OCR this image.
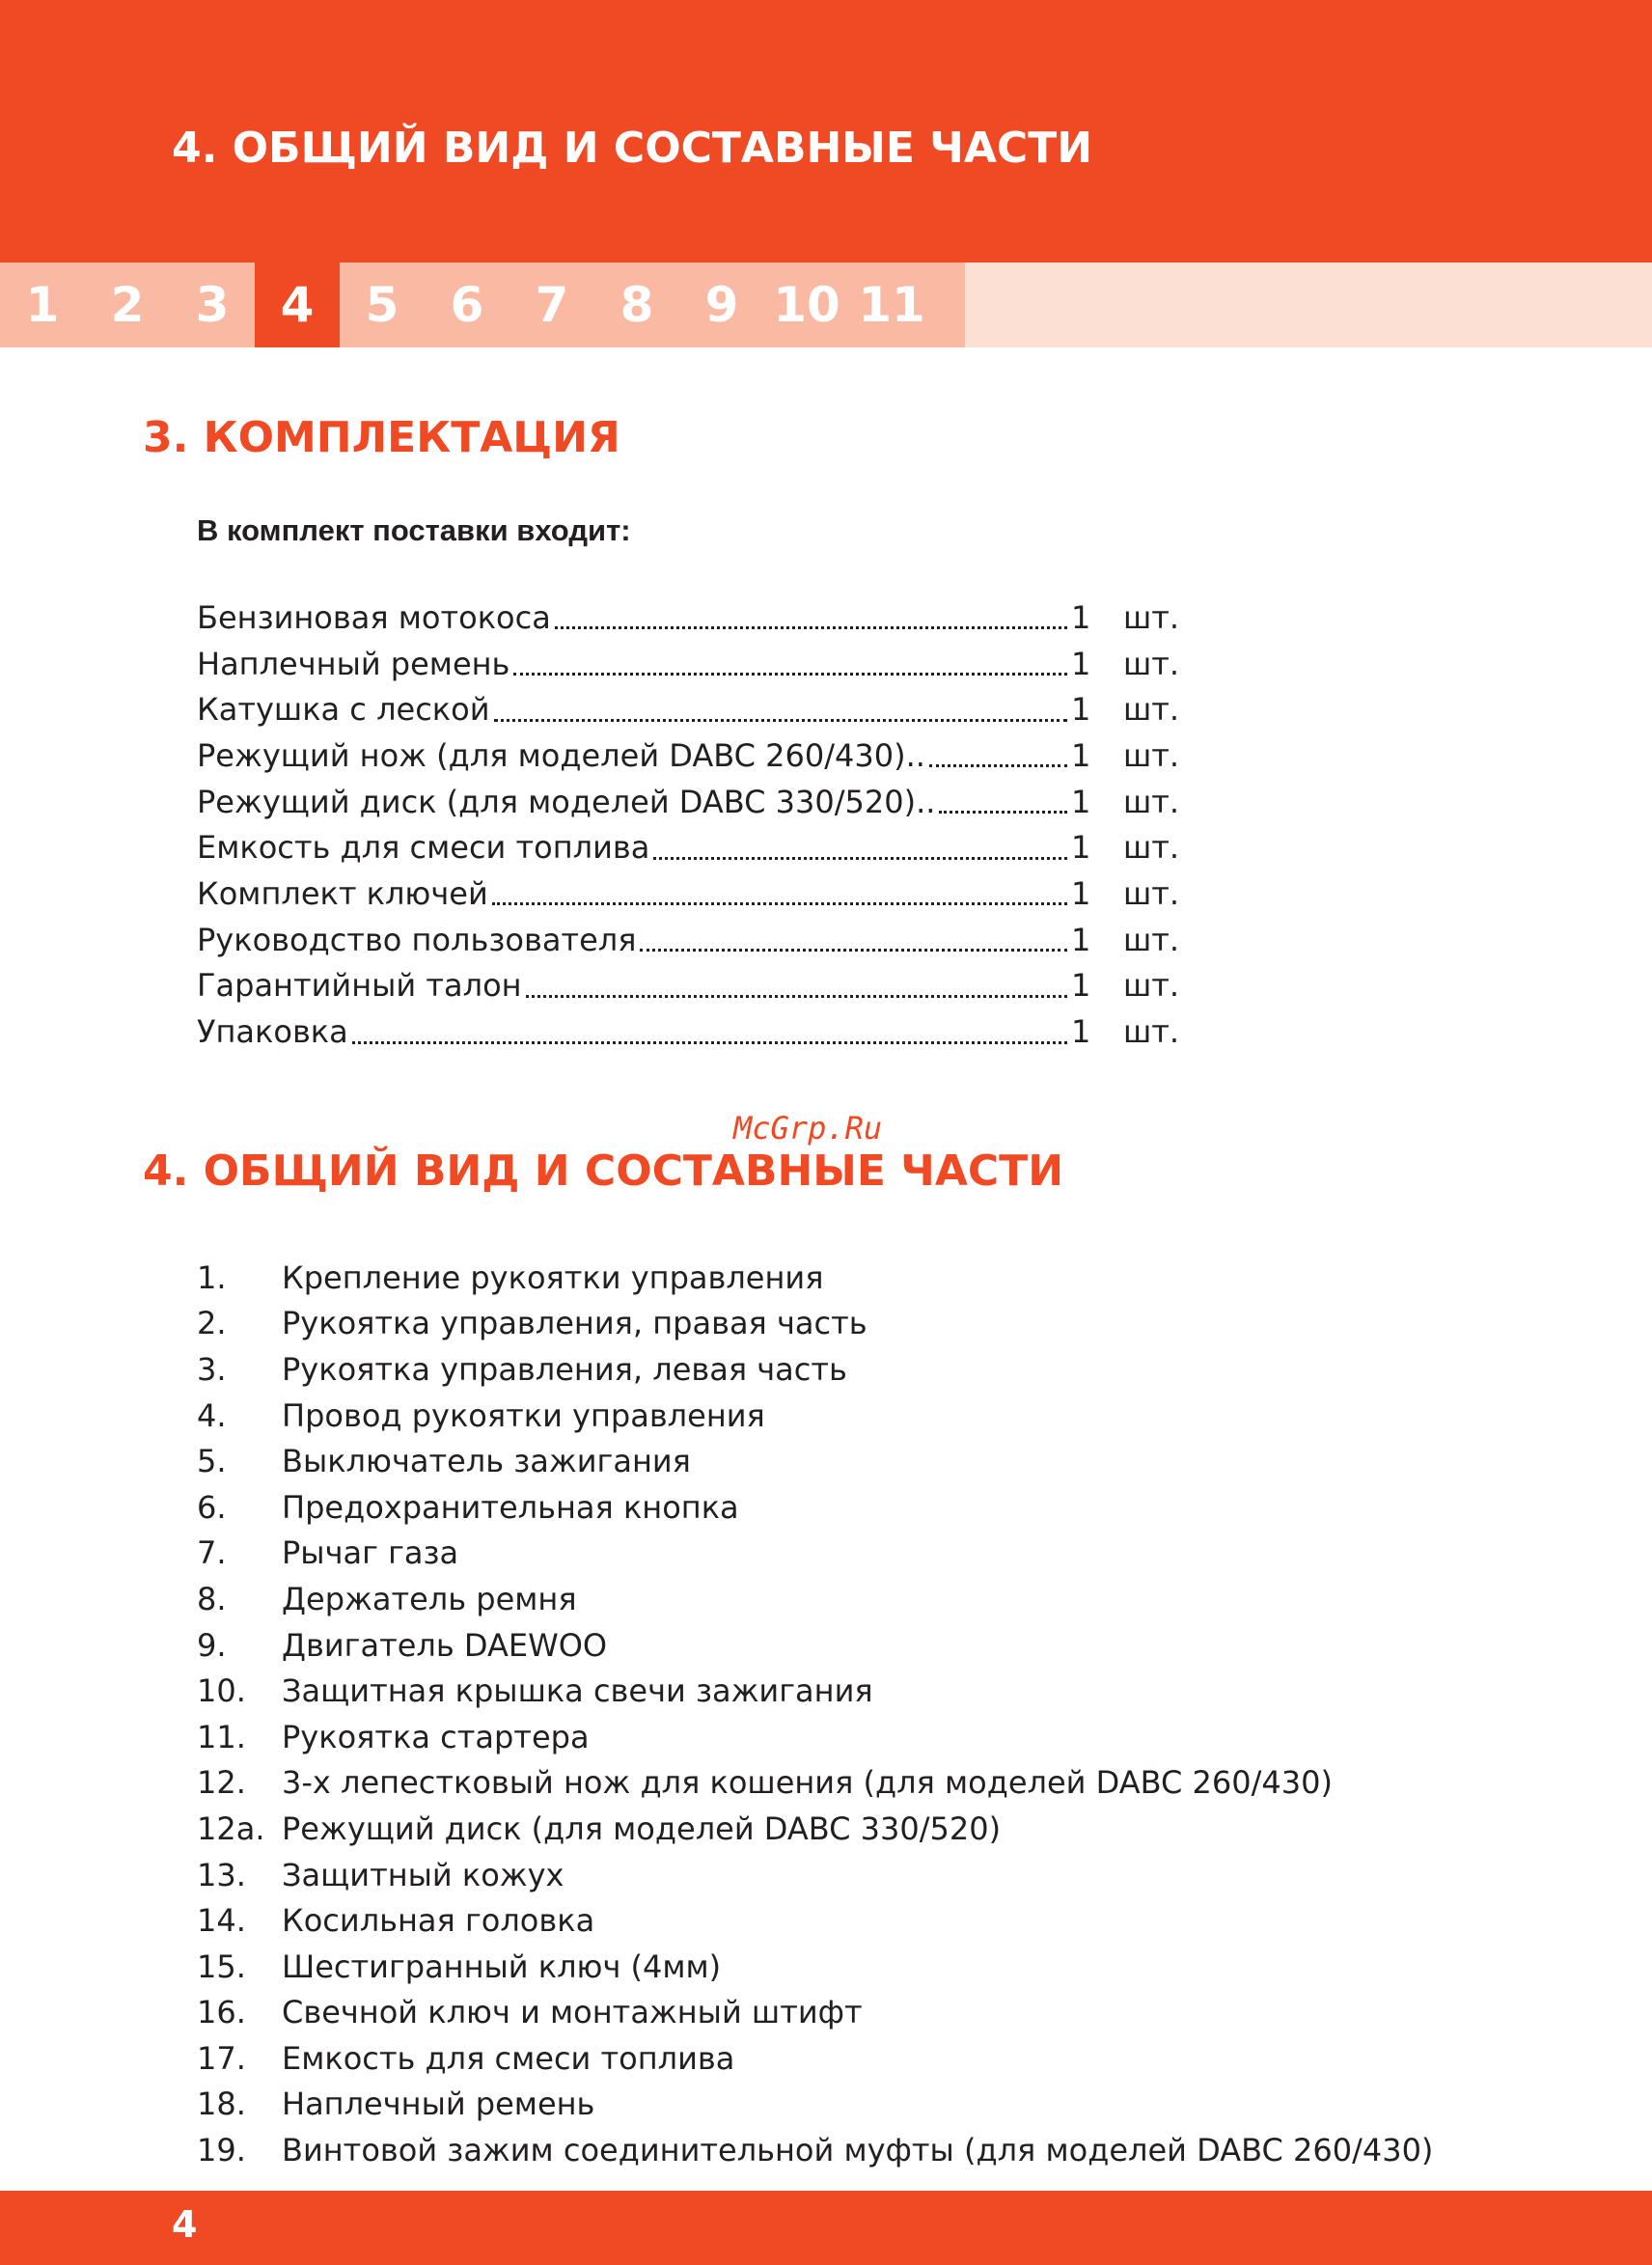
4. ОБЩИЙ ВИД И СОСТАВНЫЕ ЧАСТИ
1	2	3	4	5	6	7	8	9 10 11
3. КОМПЛЕКТАЦИЯ
В комплект поставки входит:
Бензиновая мотокоса	1	шт.
Наплечный ремень	1	шт.
Катушка с леской	1	шт.
Режущий нож (для моделей DABC 260/430)..	1	шт.
Режущий диск (для моделей DABC 330/520)..	1	шт.
Емкость для смеси топлива	1	шт.
Комплект ключей	1	шт.
Руководство пользователя	1	шт.
Гарантийный талон	1	шт.
Упаковка	1	шт.
McGrp.Ru
4. ОБЩИЙ ВИД И СОСТАВНЫЕ ЧАСТИ
1.	Крепление рукоятки управления
2.	Рукоятка управления, правая часть
3.	Рукоятка управления, левая часть
4.	Провод рукоятки управления
5.	Выключатель зажигания
6.	Предохранительная кнопка
7.	Рычаг газа
8.	Держатель ремня
9.	Двигатель DAEWOO
10.	Защитная крышка свечи зажигания
11.	Рукоятка стартера
12.	3-х лепестковый нож для кошения (для моделей DABC 260/430)
12a. Режущий диск (для моделей DABC 330/520)
13.	Защитный кожух
14.	Косильная головка
15.	Шестигранный ключ (4мм)
16.	Свечной ключ и монтажный штифт
17.	Емкость для смеси топлива
18.	Наплечный ремень
19.	Винтовой зажим соединительной муфты (для моделей DABC 260/430)
4
